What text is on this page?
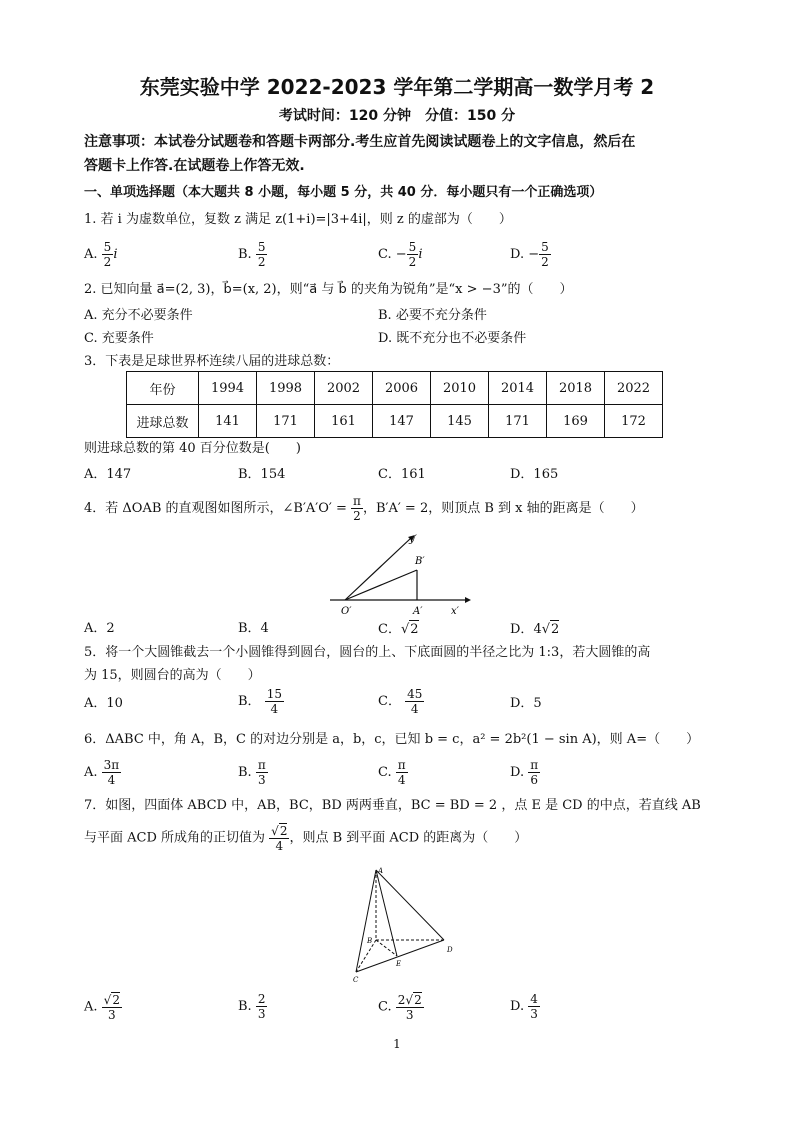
东莞实验中学 2022-2023 学年第二学期高一数学月考 2
考试时间：120 分钟　分值：150 分
注意事项：本试卷分试题卷和答题卡两部分.考生应首先阅读试题卷上的文字信息，然后在
答题卡上作答.在试题卷上作答无效.
一、单项选择题（本大题共 8 小题，每小题 5 分，共 40 分．每小题只有一个正确选项）
1. 若 i 为虚数单位，复数 z 满足 z(1+i)=|3+4i|，则 z 的虚部为（　　）
A. $\frac{5}{2}$ i	B. $\frac{5}{2}$	C. − $\frac{5}{2}$ i	D. − $\frac{5}{2}$
2. 已知向量 a⃗=(2, 3)，b⃗=(x, 2)，则“a⃗ 与 b⃗ 的夹角为锐角”是“x > −3”的（　　）
A. 充分不必要条件	B. 必要不充分条件
C. 充要条件	D. 既不充分也不必要条件
3．下表是足球世界杯连续八届的进球总数：
年份	1994	1998	2002	2006	2010	2014	2018	2022
进球总数	141	171	161	147	145	171	169	172
则进球总数的第 40 百分位数是(　　)
A．147	B．154	C．161	D．165
4．若 ΔOAB 的直观图如图所示，∠B′A′O′ = $\frac{\pi}{2}$ ，B′A′ = 2，则顶点 B 到 x 轴的距离是（　　）
y′
B′
O′	A′	x′
A．2	B．4	C．√2	D．4√2
5．将一个大圆锥截去一个小圆锥得到圆台，圆台的上、下底面圆的半径之比为 1:3，若大圆锥的高
为 15，则圆台的高为（　　）
A．10	B． $\frac{15}{4}$	C． $\frac{45}{4}$	D．5
6．ΔABC 中，角 A，B，C 的对边分别是 a，b，c，已知 b = c，a² = 2b²(1 − sin A)，则 A=（　　）
A. $\frac{3\pi}{4}$	B. $\frac{\pi}{3}$	C. $\frac{\pi}{4}$	D. $\frac{\pi}{6}$
7．如图，四面体 ABCD 中，AB，BC，BD 两两垂直，BC = BD = 2 ，点 E 是 CD 的中点，若直线 AB
与平面 ACD 所成角的正切值为 $\frac{√2}{4}$ ，则点 B 到平面 ACD 的距离为（　　）
A
B
C
D
E
A. $\frac{√2}{3}$	B. $\frac{2}{3}$	C. $\frac{2√2}{3}$	D. $\frac{4}{3}$
1
